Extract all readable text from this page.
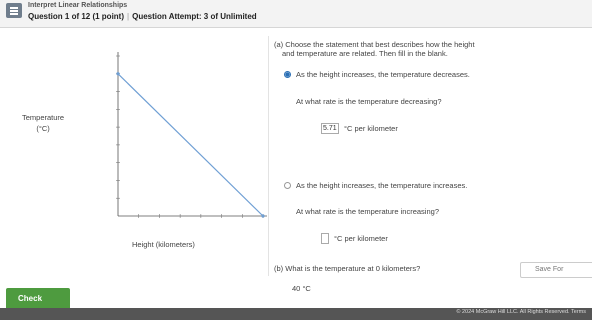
Interpret Linear Relationships
Question 1 of 12 (1 point) | Question Attempt: 3 of Unlimited
Temperature
(°C)
Height (kilometers)
(a) Choose the statement that best describes how the height
and temperature are related. Then fill in the blank.
As the height increases, the temperature decreases.
At what rate is the temperature decreasing?
5.71 °C per kilometer
As the height increases, the temperature increases.
At what rate is the temperature increasing?
°C per kilometer
(b) What is the temperature at 0 kilometers?
40 °C
Save For
Check
© 2024 McGraw Hill LLC. All Rights Reserved. Terms
